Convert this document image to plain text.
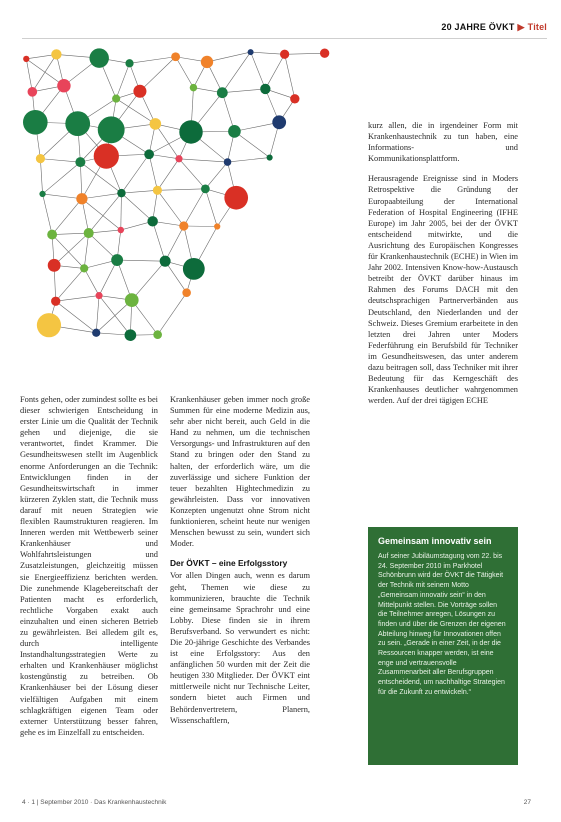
20 JAHRE ÖVKT ▶ Titel

Fonts gehen, oder zumindest sollte es bei dieser schwierigen Entscheidung in erster Linie um die Qualität der Technik gehen und diejenige, die sie verantwortet, findet Krammer. Die Gesundheitswesen stellt im Augenblick enorme Anforderungen an die Technik: Entwicklungen finden in der Gesundheitswirtschaft in immer kürzeren Zyklen statt, die Technik muss darauf mit neuen Strategien wie flexiblen Raumstrukturen reagieren. Im Inneren werden mit Wettbewerb seiner Krankenhäuser und Wohlfahrtsleistungen und Zusatzleistungen, gleichzeitig müssen sie Energieeffizienz berichten werden. Die zunehmende Klagebereitschaft der Patienten macht es erforderlich, rechtliche Vorgaben exakt auch einzuhalten und einen sicheren Betrieb zu gewährleisten. Bei alledem gilt es, durch intelligente Instandhaltungsstrategien Werte zu erhalten und Krankenhäuser möglichst kostengünstig zu betreiben. Ob Krankenhäuser bei der Lösung dieser vielfältigen Aufgaben mit einem schlagkräftigen eigenen Team oder externer Unterstützung besser fahren, gehe es im Einzelfall zu entscheiden.

Krankenhäuser geben immer noch große Summen für eine moderne Medizin aus, sehr aber nicht bereit, auch Geld in die Hand zu nehmen, um die technischen Versorgungs- und Infrastrukturen auf den Stand zu bringen oder den Stand zu halten, der erforderlich wäre, um die zuverlässige und sichere Funktion der teuer bezahlten Hightechmedizin zu gewährleisten. Dass vor innovativen Konzepten ungenutzt ohne Strom nicht funktionieren, scheint heute nur wenigen Menschen bewusst zu sein, wundert sich Moder.

Der ÖVKT – eine Erfolgsstory

Vor allen Dingen auch, wenn es darum geht, Themen wie diese zu kommunizieren, brauchte die Technik eine gemeinsame Sprachrohr und eine Lobby. Diese finden sie in ihrem Berufsverband. So verwundert es nicht: Die 20-jährige Geschichte des Verbandes ist eine Erfolgsstory: Aus den anfänglichen 50 wurden mit der Zeit die heutigen 330 Mitglieder. Der ÖVKT eint mittlerweile nicht nur Technische Leiter, sondern bietet auch Firmen und Behördenvertretern, Planern, Wissenschaftlern,

kurz allen, die in irgendeiner Form mit Krankenhaustechnik zu tun haben, eine Informations- und Kommunikationsplattform.

Herausragende Ereignisse sind in Moders Retrospektive die Gründung der Europaabteilung der International Federation of Hospital Engineering (IFHE Europe) im Jahr 2005, bei der der ÖVKT entscheidend mitwirkte, und die Ausrichtung des Europäischen Kongresses für Krankenhaustechnik (ECHE) in Wien im Jahr 2002. Intensiven Know-how-Austausch betreibt der ÖVKT darüber hinaus im Rahmen des Forums DACH mit den deutschsprachigen Partnerverbänden aus Deutschland, den Niederlanden und der Schweiz. Dieses Gremium erarbeitete in den letzten drei Jahren unter Moders Federführung ein Berufsbild für Techniker im Gesundheitswesen, das unter anderem dazu beitragen soll, dass Techniker mit ihrer Bedeutung für das Kerngeschäft des Krankenhauses deutlicher wahrgenommen werden. Auf der drei tägigen ECHE

Gemeinsam innovativ sein

Auf seiner Jubiläumstagung vom 22. bis 24. September 2010 im Parkhotel Schönbrunn wird der ÖVKT die Tätigkeit der Technik mit seinem Motto „Gemeinsam innovativ sein“ in den Mittelpunkt stellen. Die Vorträge sollen die Teilnehmer anregen, Lösungen zu finden und über die Grenzen der eigenen Abteilung hinweg für Innovationen offen zu sein. „Gerade in einer Zeit, in der die Ressourcen knapper werden, ist eine enge und vertrauensvolle Zusammenarbeit aller Berufsgruppen entscheidend, um nachhaltige Strategien für die Zukunft zu entwickeln.“

4 · 1 | September 2010 · Das Krankenhaustechnik	27
